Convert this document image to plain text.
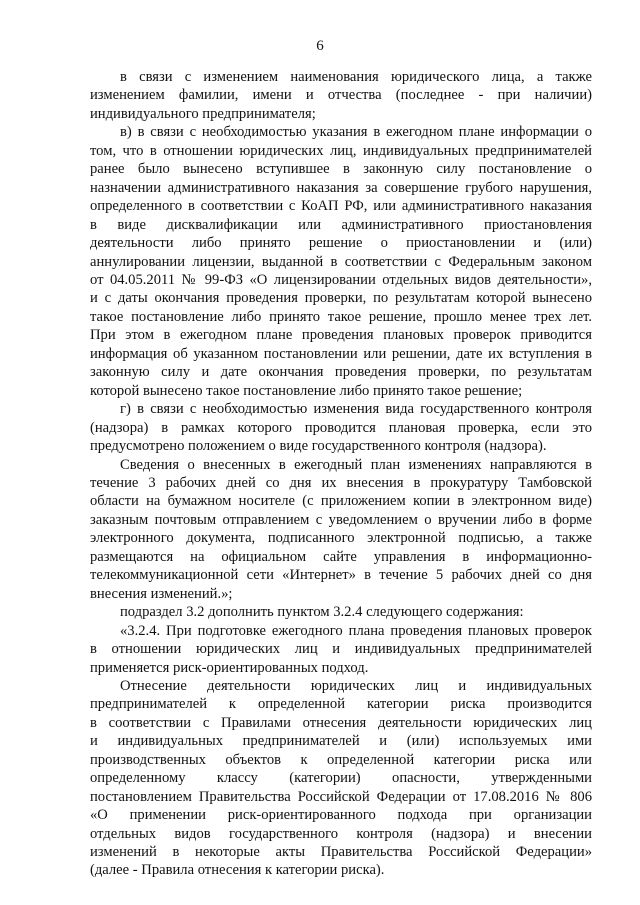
6
в связи с изменением наименования юридического лица, а также
изменением фамилии, имени и отчества (последнее - при наличии)
индивидуального предпринимателя;
в) в связи с необходимостью указания в ежегодном плане информации о
том, что в отношении юридических лиц, индивидуальных предпринимателей
ранее было вынесено вступившее в законную силу постановление о
назначении административного наказания за совершение грубого нарушения,
определенного в соответствии с КоАП РФ, или административного наказания
в виде дисквалификации или административного приостановления
деятельности либо принято решение о приостановлении и (или)
аннулировании лицензии, выданной в соответствии с Федеральным законом
от 04.05.2011 № 99-ФЗ «О лицензировании отдельных видов деятельности»,
и с даты окончания проведения проверки, по результатам которой вынесено
такое постановление либо принято такое решение, прошло менее трех лет.
При этом в ежегодном плане проведения плановых проверок приводится
информация об указанном постановлении или решении, дате их вступления в
законную силу и дате окончания проведения проверки, по результатам
которой вынесено такое постановление либо принято такое решение;
г) в связи с необходимостью изменения вида государственного контроля
(надзора) в рамках которого проводится плановая проверка, если это
предусмотрено положением о виде государственного контроля (надзора).
Сведения о внесенных в ежегодный план изменениях направляются в
течение 3 рабочих дней со дня их внесения в прокуратуру Тамбовской
области на бумажном носителе (с приложением копии в электронном виде)
заказным почтовым отправлением с уведомлением о вручении либо в форме
электронного документа, подписанного электронной подписью, а также
размещаются на официальном сайте управления в информационно-
телекоммуникационной сети «Интернет» в течение 5 рабочих дней со дня
внесения изменений.»;
подраздел 3.2 дополнить пунктом 3.2.4 следующего содержания:
«3.2.4. При подготовке ежегодного плана проведения плановых проверок
в отношении юридических лиц и индивидуальных предпринимателей
применяется риск-ориентированных подход.
Отнесение деятельности юридических лиц и индивидуальных
предпринимателей к определенной категории риска производится
в соответствии с Правилами отнесения деятельности юридических лиц
и индивидуальных предпринимателей и (или) используемых ими
производственных объектов к определенной категории риска или
определенному классу (категории) опасности, утвержденными
постановлением Правительства Российской Федерации от 17.08.2016 № 806
«О применении риск-ориентированного подхода при организации
отдельных видов государственного контроля (надзора) и внесении
изменений в некоторые акты Правительства Российской Федерации»
(далее - Правила отнесения к категории риска).
